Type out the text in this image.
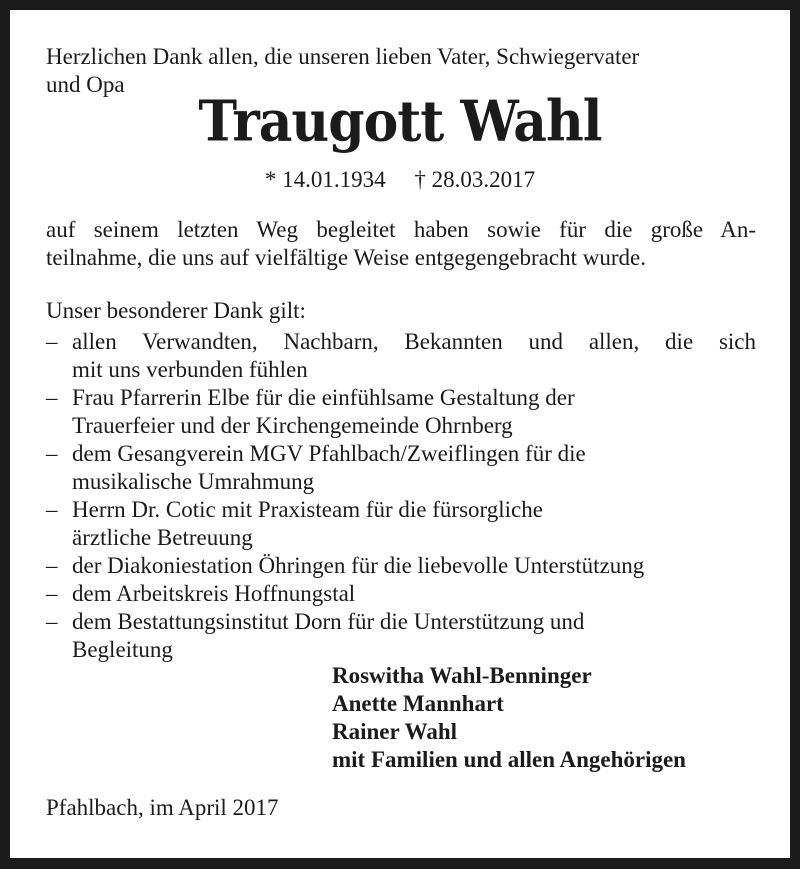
Herzlichen Dank allen, die unseren lieben Vater, Schwiegervater
und Opa
Traugott Wahl
* 14.01.1934 † 28.03.2017
auf seinem letzten Weg begleitet haben sowie für die große An-
teilnahme, die uns auf vielfältige Weise entgegengebracht wurde.
Unser besonderer Dank gilt:
– allen Verwandten, Nachbarn, Bekannten und allen, die sich
mit uns verbunden fühlen
– Frau Pfarrerin Elbe für die einfühlsame Gestaltung der
Trauerfeier und der Kirchengemeinde Ohrnberg
– dem Gesangverein MGV Pfahlbach/Zweiflingen für die
musikalische Umrahmung
– Herrn Dr. Cotic mit Praxisteam für die fürsorgliche
ärztliche Betreuung
– der Diakoniestation Öhringen für die liebevolle Unterstützung
– dem Arbeitskreis Hoffnungstal
– dem Bestattungsinstitut Dorn für die Unterstützung und
Begleitung
Roswitha Wahl-Benninger
Anette Mannhart
Rainer Wahl
mit Familien und allen Angehörigen
Pfahlbach, im April 2017
